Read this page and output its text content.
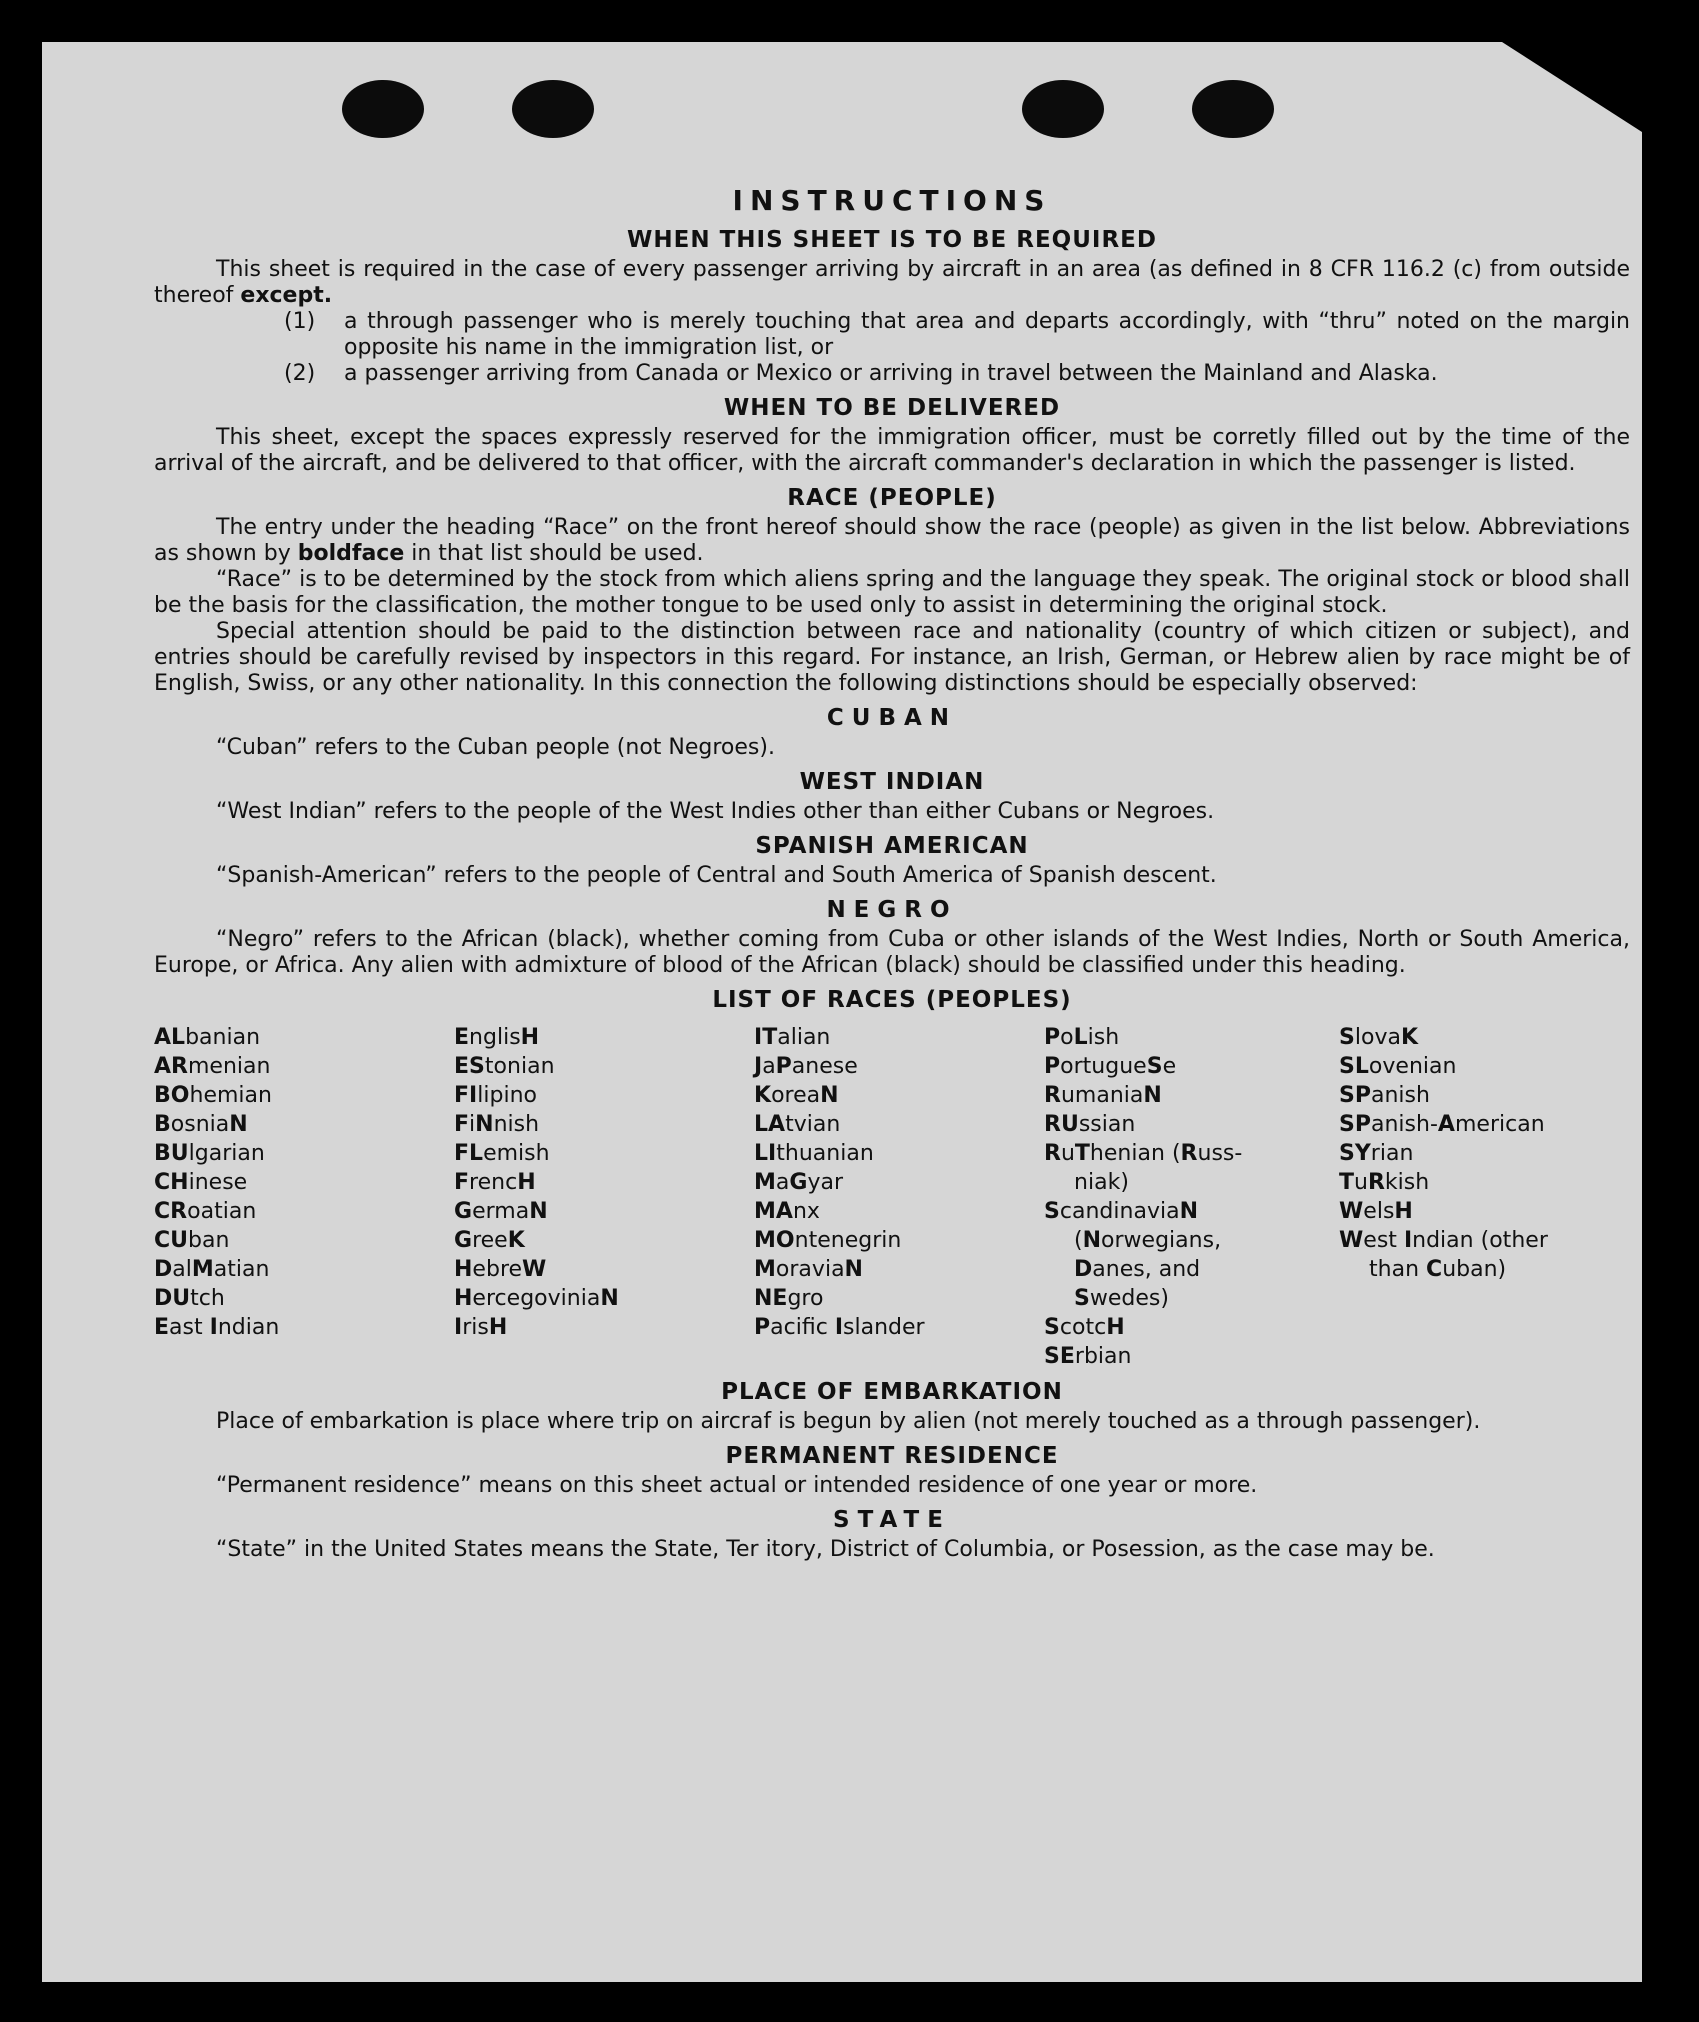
INSTRUCTIONS
WHEN THIS SHEET IS TO BE REQUIRED

This sheet is required in the case of every passenger arriving by aircraft in an area (as defined in 8 CFR 116.2 (c) from outside thereof except.

(1)	a through passenger who is merely touching that area and departs accordingly, with “thru” noted on the margin opposite his name in the immigration list, or
(2)	a passenger arriving from Canada or Mexico or arriving in travel between the Mainland and Alaska.
WHEN TO BE DELIVERED

This sheet, except the spaces expressly reserved for the immigration officer, must be corretly filled out by the time of the arrival of the aircraft, and be delivered to that officer, with the aircraft commander's declaration in which the passenger is listed.

RACE (PEOPLE)

The entry under the heading “Race” on the front hereof should show the race (people) as given in the list below. Abbreviations as shown by boldface in that list should be used.

“Race” is to be determined by the stock from which aliens spring and the language they speak. The original stock or blood shall be the basis for the classification, the mother tongue to be used only to assist in determining the original stock.

Special attention should be paid to the distinction between race and nationality (country of which citizen or subject), and entries should be carefully revised by inspectors in this regard. For instance, an Irish, German, or Hebrew alien by race might be of English, Swiss, or any other nationality. In this connection the following distinctions should be especially observed:

CUBAN

“Cuban” refers to the Cuban people (not Negroes).

WEST INDIAN

“West Indian” refers to the people of the West Indies other than either Cubans or Negroes.

SPANISH AMERICAN

“Spanish-American” refers to the people of Central and South America of Spanish descent.

NEGRO

“Negro” refers to the African (black), whether coming from Cuba or other islands of the West Indies, North or South America, Europe, or Africa. Any alien with admixture of blood of the African (black) should be classified under this heading.

LIST OF RACES (PEOPLES)
ALbanian
ARmenian
BOhemian
BosniaN
BUlgarian
CHinese
CRoatian
CUban
DalMatian
DUtch
East Indian
EnglisH
EStonian
FIlipino
FiNnish
FLemish
FrencH
GermaN
GreeK
HebreW
HercegoviniaN
IrisH
ITalian
JaPanese
KoreaN
LAtvian
LIthuanian
MaGyar
MAnx
MOntenegrin
MoraviaN
NEgro
Pacifc Islander
PoLish
PortugueSe
RumaniaN
RUssian
RuThenian (Russ-
niak)
ScandinaviaN
(Norwegians,
Danes, and
Swedes)
ScotcH
SErbian
SlovaK
SLovenian
SPanish
SPanish-American
SYrian
TuRkish
WelsH
West Indian (other
than Cuban)
PLACE OF EMBARKATION

Place of embarkation is place where trip on aircraf is begun by alien (not merely touched as a through passenger).

PERMANENT RESIDENCE

“Permanent residence” means on this sheet actual or intended residence of one year or more.

STATE

“State” in the United States means the State, Ter itory, District of Columbia, or Posession, as the case may be.
